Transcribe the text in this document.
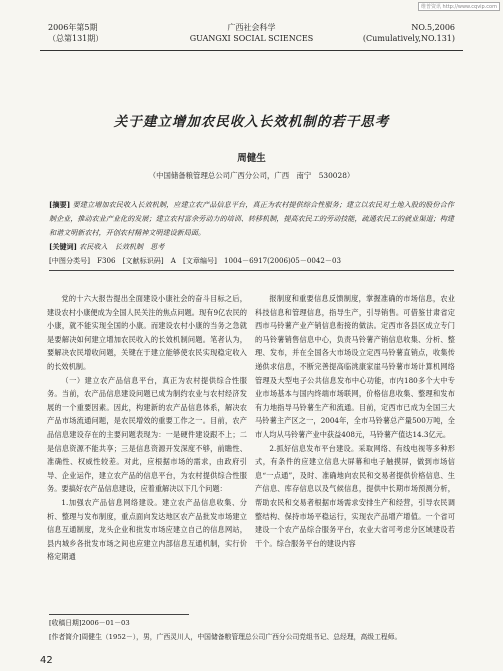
维普资讯 http://www.cqvip.com
2006年第5期
（总第131期）
广西社会科学
GUANGXI SOCIAL SCIENCES
NO.5,2006
(Cumulatively,NO.131)
关于建立增加农民收入长效机制的若干思考
周健生
（中国储备粮管理总公司广西分公司，广西　南宁　530028）
[摘要] 要建立增加农民收入长效机制，应建立农产品信息平台，真正为农村提供综合性服务；建立以农民对土地入股的股份合作制企业，推动农业产业化的发展；建立农村富余劳动力的培训、转移机制，提高农民工的劳动技能，疏通农民工的就业渠道；构建和谐文明新农村，开创农村精神文明建设新局面。
[关键词] 农民收入　长效机制　思考
[中图分类号]　F306　[文献标识码]　A　[文章编号]　1004－6917(2006)05－0042－03

党的十六大报告提出全面建设小康社会的奋斗目标之后，建设农村小康便成为全国人民关注的焦点问题。现有9亿农民的小康，就不能实现全国的小康。而建设农村小康的当务之急就是要解决如何建立增加农民收入的长效机制问题。笔者认为，要解决农民增收问题，关键在于建立能够使农民实现稳定收入的长效机制。

（一）建立农产品信息平台，真正为农村提供综合性服务。当前，农产品信息建设问题已成为制约农业与农村经济发展的一个重要因素。因此，构建新的农产品信息体系，解决农产品市场流通问题，是农民增效的重要工作之一。目前，农产品信息建设存在的主要问题表现为：一是硬件建设跟不上；二是信息资源不能共享；三是信息资源开发深度不够，前瞻性、准确性、权威性较差。对此，应根据市场的需求，由政府引导、企业运作，建立农产品的信息平台，为农村提供综合性服务。要搞好农产品信息建设，应着重解决以下几个问题：

1.加强农产品信息网络建设。建立农产品信息收集、分析、整理与发布制度，重点面向发达地区农产品批发市场建立信息互通制度，龙头企业和批发市场应建立自己的信息网站，县内城乡各批发市场之间也应建立内部信息互通机制，实行价格定期通

报制度和重要信息反馈制度，掌握准确的市场信息，农业科技信息和管理信息，指导生产，引导销售。可借鉴甘肃省定西市马铃薯产业产销信息衔接的做法。定西市各县区成立专门的马铃薯销售信息中心，负责马铃薯产销信息收集、分析、整理、发布，并在全国各大市场设立定西马铃薯直销点，收集传递供求信息，不断完善提高临洮康家崖马铃薯市场计算机网络管理及大型电子公共信息发布中心功能，市内180多个大中专业市场基本与国内终端市场联网，价格信息收集、整理和发布有力地指导马铃薯生产和流通。目前，定西市已成为全国三大马铃薯主产区之一，2004年，全市马铃薯总产量500万吨，全市人均从马铃薯产业中获益408元，马铃薯产值达14.3亿元。

2.抓好信息发布平台建设。采取网络、有线电视等多种形式，有条件的应建立信息大屏幕和电子触摸屏，做到市场信息“一点通”，及时、准确地向农民和交易者提供价格信息、生产信息、库存信息以及气候信息，提供中长期市场预测分析，帮助农民和交易者根据市场需求安排生产和经营，引导农民调整结构、保持市场平稳运行，实现农产品增产增值。一个省可建设一个农产品综合服务平台，农业大省可考虑分区域建设若干个。综合服务平台的建设内容

[收稿日期]2006－01－03
[作者简介]周健生（1952－），男，广西灵川人，中国储备粮管理总公司广西分公司党组书记、总经理，高级工程师。
42
